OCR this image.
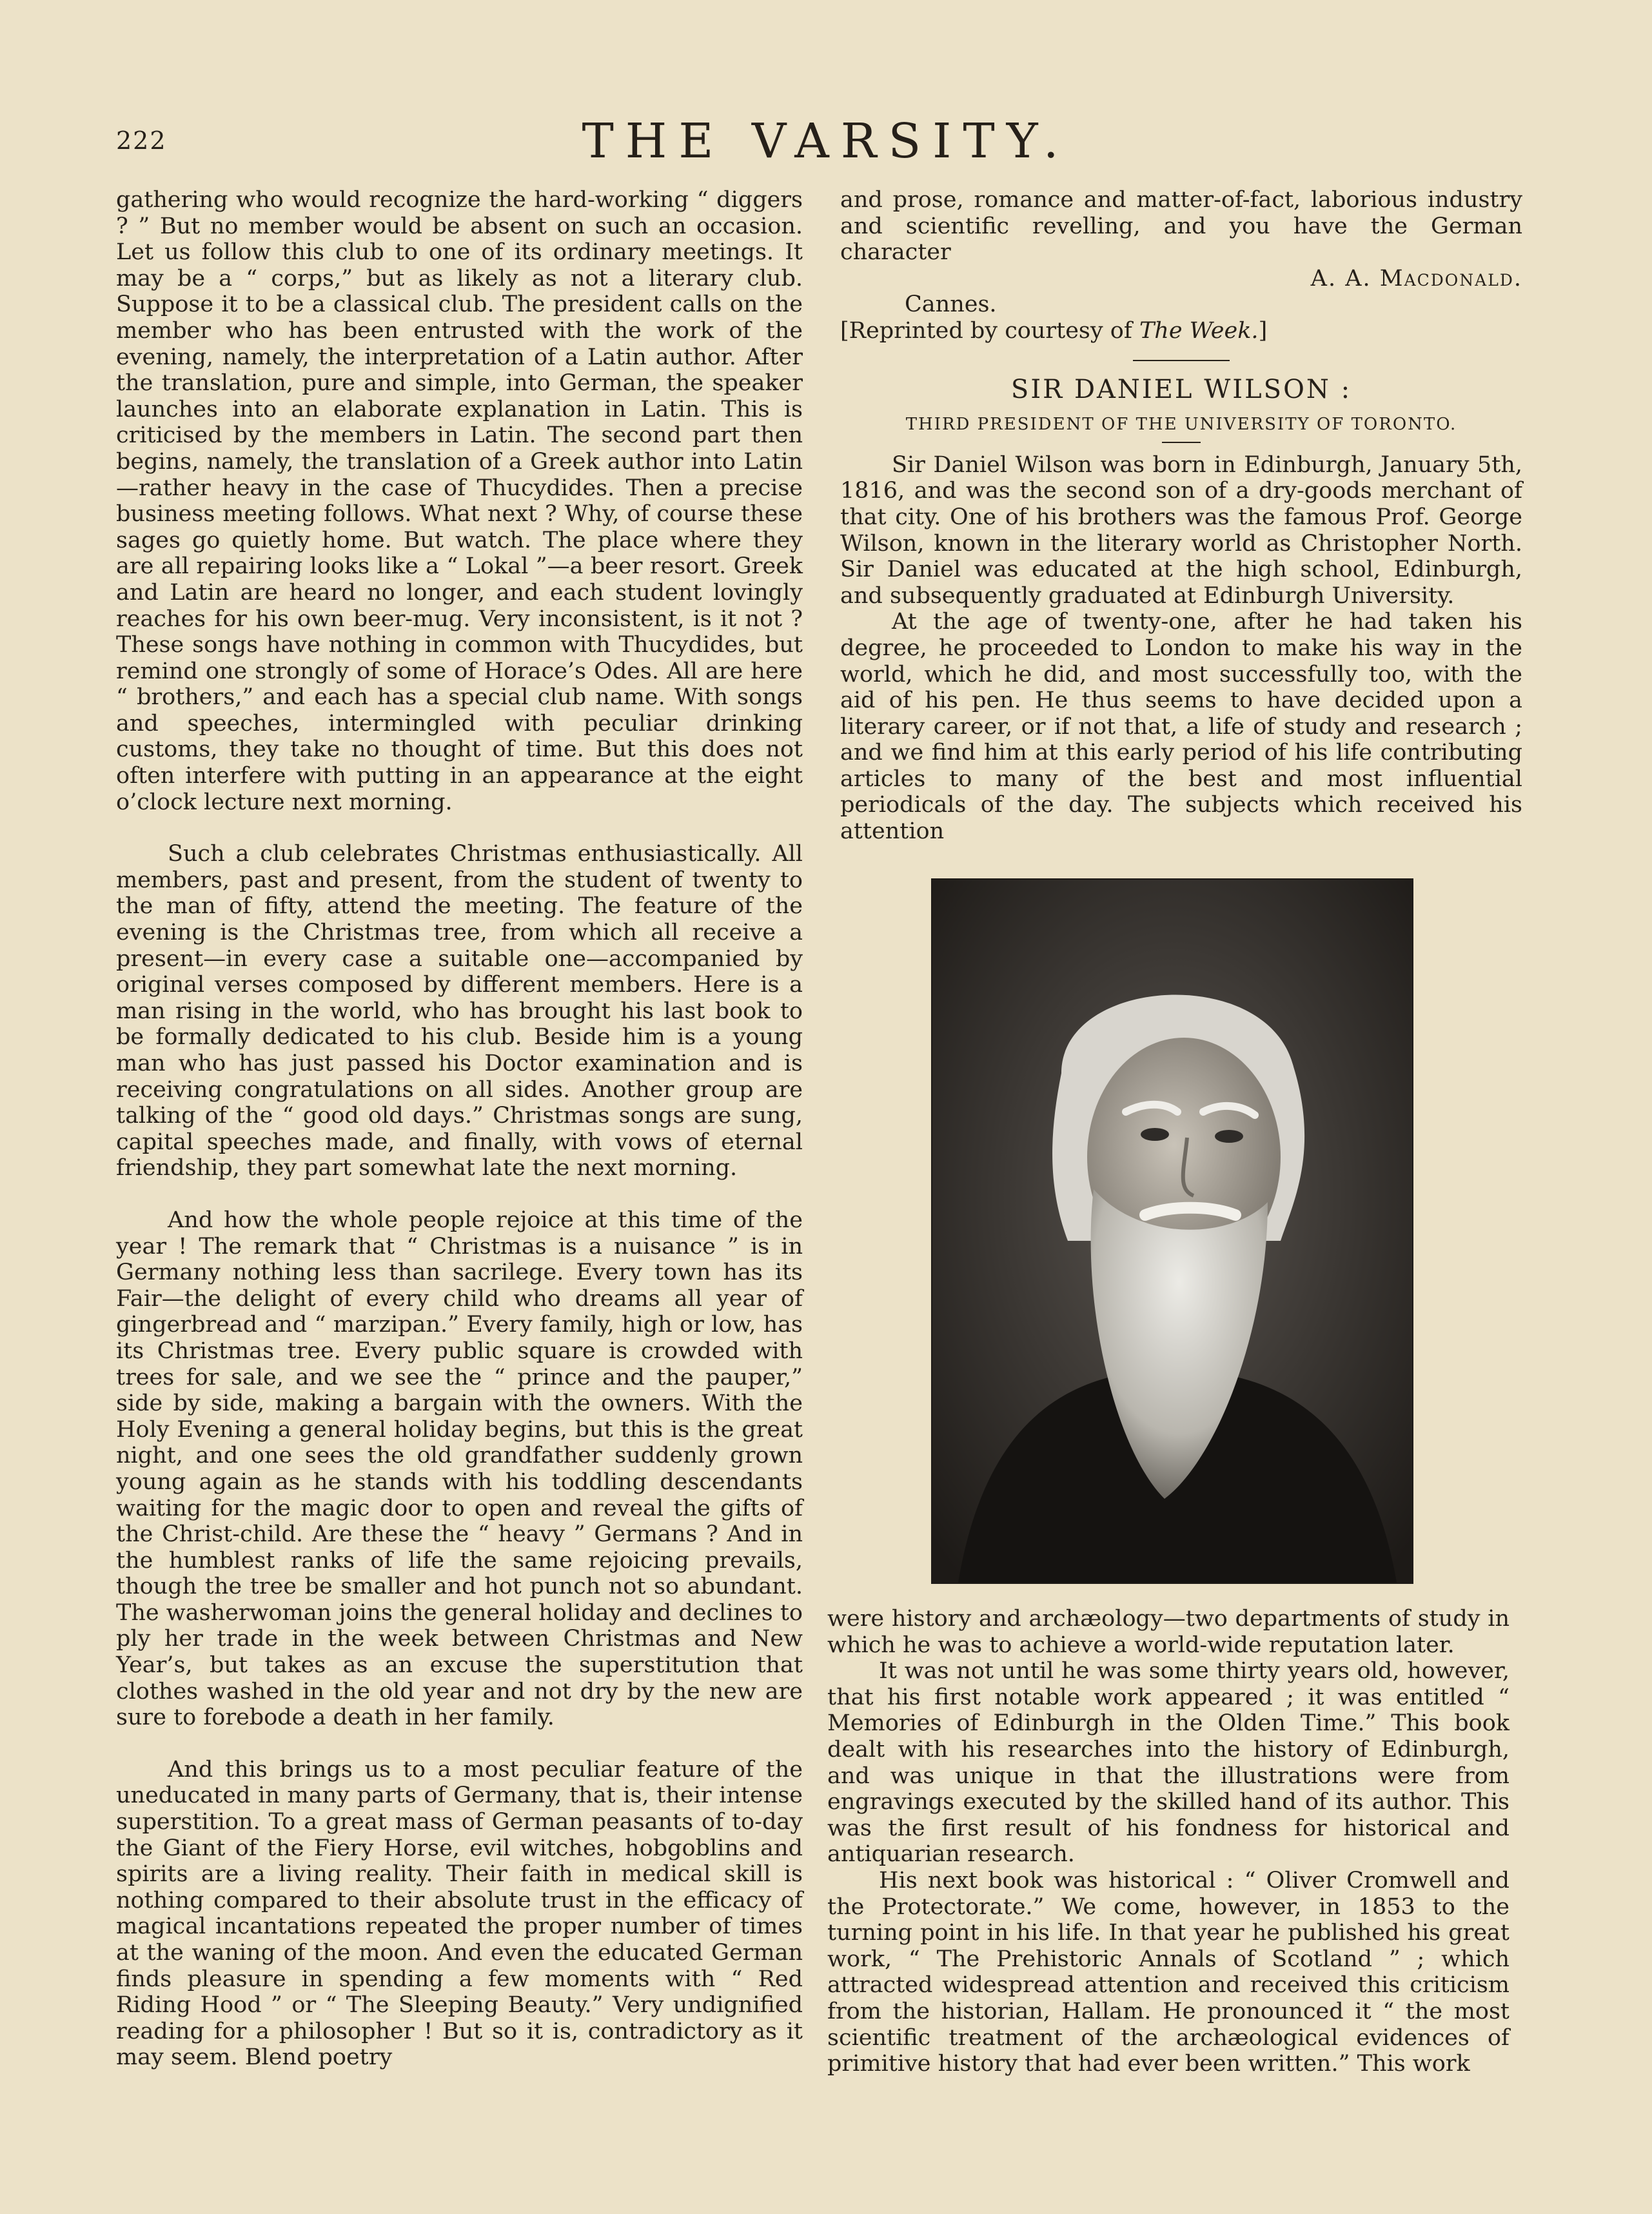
222	THE VARSITY.

gathering who would recognize the hard-working “ diggers ? ” But no member would be absent on such an occasion. Let us follow this club to one of its ordinary meetings. It may be a “ corps,” but as likely as not a literary club. Suppose it to be a classical club. The president calls on the member who has been entrusted with the work of the evening, namely, the interpretation of a Latin author. After the translation, pure and simple, into German, the speaker launches into an elaborate explanation in Latin. This is criticised by the members in Latin. The second part then begins, namely, the translation of a Greek author into Latin—rather heavy in the case of Thucydides. Then a precise business meeting follows. What next ? Why, of course these sages go quietly home. But watch. The place where they are all repairing looks like a “ Lokal ”—a beer resort. Greek and Latin are heard no longer, and each student lovingly reaches for his own beer-mug. Very inconsistent, is it not ? These songs have nothing in common with Thucydides, but remind one strongly of some of Horace’s Odes. All are here “ brothers,” and each has a special club name. With songs and speeches, intermingled with peculiar drinking customs, they take no thought of time. But this does not often interfere with putting in an appearance at the eight o’clock lecture next morning.

Such a club celebrates Christmas enthusiastically. All members, past and present, from the student of twenty to the man of fifty, attend the meeting. The feature of the evening is the Christmas tree, from which all receive a present—in every case a suitable one—accompanied by original verses composed by different members. Here is a man rising in the world, who has brought his last book to be formally dedicated to his club. Beside him is a young man who has just passed his Doctor examination and is receiving congratulations on all sides. Another group are talking of the “ good old days.” Christmas songs are sung, capital speeches made, and finally, with vows of eternal friendship, they part somewhat late the next morning.

And how the whole people rejoice at this time of the year ! The remark that “ Christmas is a nuisance ” is in Germany nothing less than sacrilege. Every town has its Fair—the delight of every child who dreams all year of gingerbread and “ marzipan.” Every family, high or low, has its Christmas tree. Every public square is crowded with trees for sale, and we see the “ prince and the pauper,” side by side, making a bargain with the owners. With the Holy Evening a general holiday begins, but this is the great night, and one sees the old grandfather suddenly grown young again as he stands with his toddling descendants waiting for the magic door to open and reveal the gifts of the Christ-child. Are these the “ heavy ” Germans ? And in the humblest ranks of life the same rejoicing prevails, though the tree be smaller and hot punch not so abundant. The washerwoman joins the general holiday and declines to ply her trade in the week between Christmas and New Year’s, but takes as an excuse the superstitution that clothes washed in the old year and not dry by the new are sure to forebode a death in her family.

And this brings us to a most peculiar feature of the uneducated in many parts of Germany, that is, their intense superstition. To a great mass of German peasants of to-day the Giant of the Fiery Horse, evil witches, hobgoblins and spirits are a living reality. Their faith in medical skill is nothing compared to their absolute trust in the efficacy of magical incantations repeated the proper number of times at the waning of the moon. And even the educated German finds pleasure in spending a few moments with “ Red Riding Hood ” or “ The Sleeping Beauty.” Very undignified reading for a philosopher ! But so it is, contradictory as it may seem. Blend poetry

and prose, romance and matter-of-fact, laborious industry and scientific revelling, and you have the German character

A. A. Macdonald.

Cannes.

[Reprinted by courtesy of The Week.]

SIR DANIEL WILSON :
THIRD PRESIDENT OF THE UNIVERSITY OF TORONTO.

Sir Daniel Wilson was born in Edinburgh, January 5th, 1816, and was the second son of a dry-goods merchant of that city. One of his brothers was the famous Prof. George Wilson, known in the literary world as Christopher North. Sir Daniel was educated at the high school, Edinburgh, and subsequently graduated at Edinburgh University.

At the age of twenty-one, after he had taken his degree, he proceeded to London to make his way in the world, which he did, and most successfully too, with the aid of his pen. He thus seems to have decided upon a literary career, or if not that, a life of study and research ; and we find him at this early period of his life contributing articles to many of the best and most influential periodicals of the day. The subjects which received his attention

were history and archæology—two departments of study in which he was to achieve a world-wide reputation later.

It was not until he was some thirty years old, however, that his first notable work appeared ; it was entitled “ Memories of Edinburgh in the Olden Time.” This book dealt with his researches into the history of Edinburgh, and was unique in that the illustrations were from engravings executed by the skilled hand of its author. This was the first result of his fondness for historical and antiquarian research.

His next book was historical : “ Oliver Cromwell and the Protectorate.” We come, however, in 1853 to the turning point in his life. In that year he published his great work, “ The Prehistoric Annals of Scotland ” ; which attracted widespread attention and received this criticism from the historian, Hallam. He pronounced it “ the most scientific treatment of the archæological evidences of primitive history that had ever been written.” This work
